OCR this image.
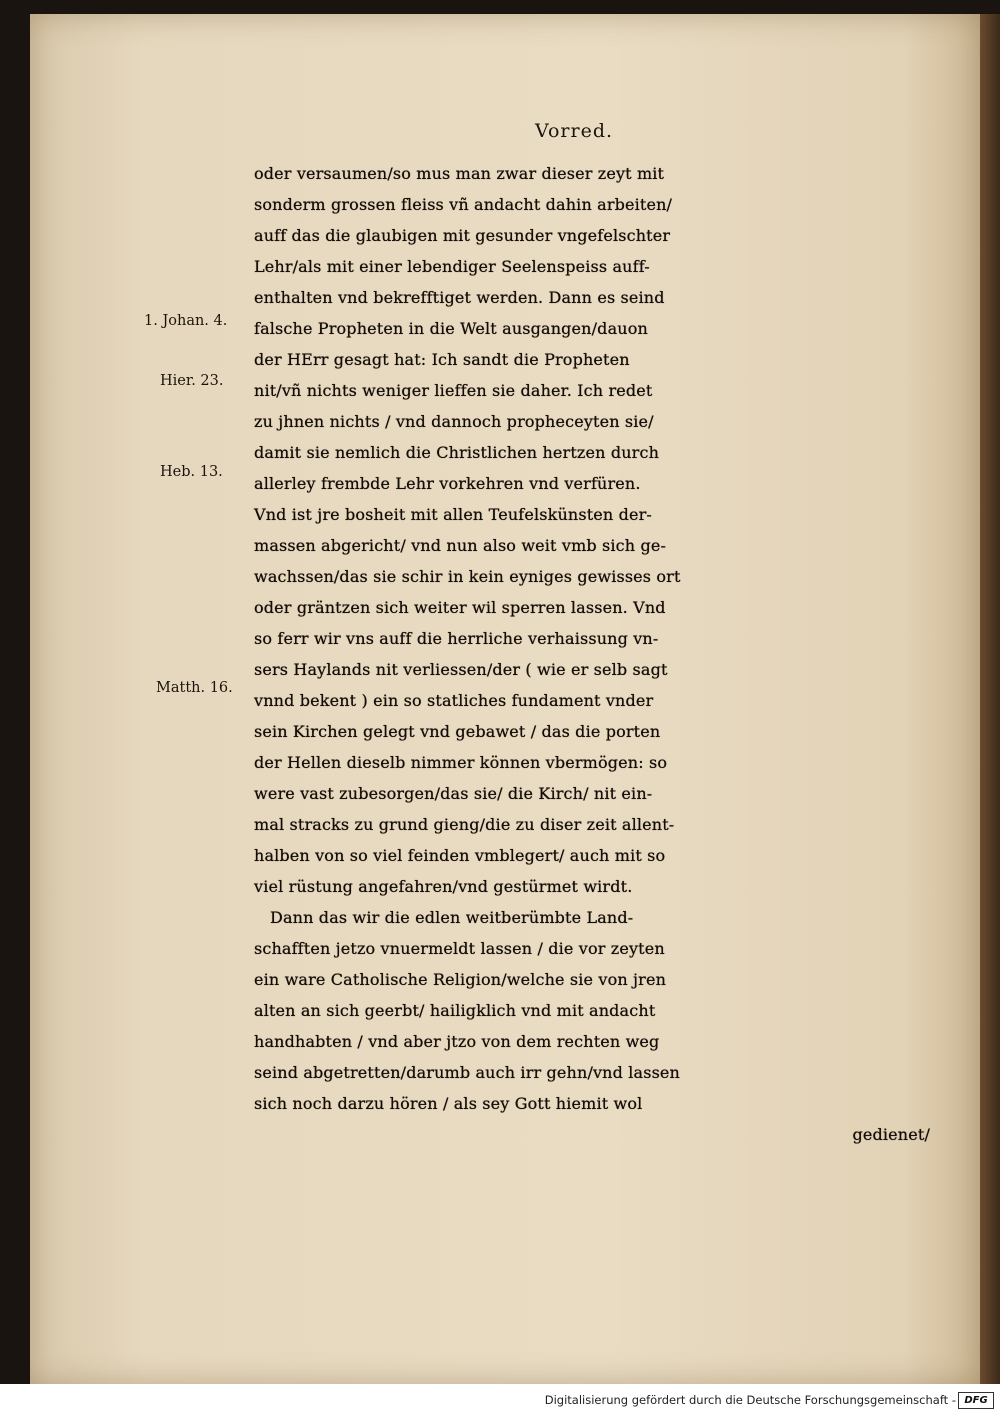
Vorred.
oder versaumen/so mus man zwar dieser zeyt mit
sonderm grossen fleiss vñ andacht dahin arbeiten/
auff das die glaubigen mit gesunder vngefelschter
Lehr/als mit einer lebendiger Seelenspeiss auff-
enthalten vnd bekrefftiget werden. Dann es seind
falsche Propheten in die Welt ausgangen/dauon
der HErr gesagt hat: Ich sandt die Propheten
nit/vñ nichts weniger lieffen sie daher. Ich redet
zu jhnen nichts / vnd dannoch propheceyten sie/
damit sie nemlich die Christlichen hertzen durch
allerley frembde Lehr vorkehren vnd verfüren.
Vnd ist jre bosheit mit allen Teufelskünsten der-
massen abgericht/ vnd nun also weit vmb sich ge-
wachssen/das sie schir in kein eyniges gewisses ort
oder gräntzen sich weiter wil sperren lassen. Vnd
so ferr wir vns auff die herrliche verhaissung vn-
sers Haylands nit verliessen/der ( wie er selb sagt
vnnd bekent ) ein so statliches fundament vnder
sein Kirchen gelegt vnd gebawet / das die porten
der Hellen dieselb nimmer können vbermögen: so
were vast zubesorgen/das sie/ die Kirch/ nit ein-
mal stracks zu grund gieng/die zu diser zeit allent-
halben von so viel feinden vmblegert/ auch mit so
viel rüstung angefahren/vnd gestürmet wirdt.
Dann das wir die edlen weitberümbte Land-
schafften jetzo vnuermeldt lassen / die vor zeyten
ein ware Catholische Religion/welche sie von jren
alten an sich geerbt/ hailigklich vnd mit andacht
handhabten / vnd aber jtzo von dem rechten weg
seind abgetretten/darumb auch irr gehn/vnd lassen
sich noch darzu hören / als sey Gott hiemit wol
gedienet/
1. Johan. 4.
Hier. 23.
Heb. 13.
Matth. 16.
Digitalisierung gefördert durch die Deutsche Forschungsgemeinschaft - DFG
